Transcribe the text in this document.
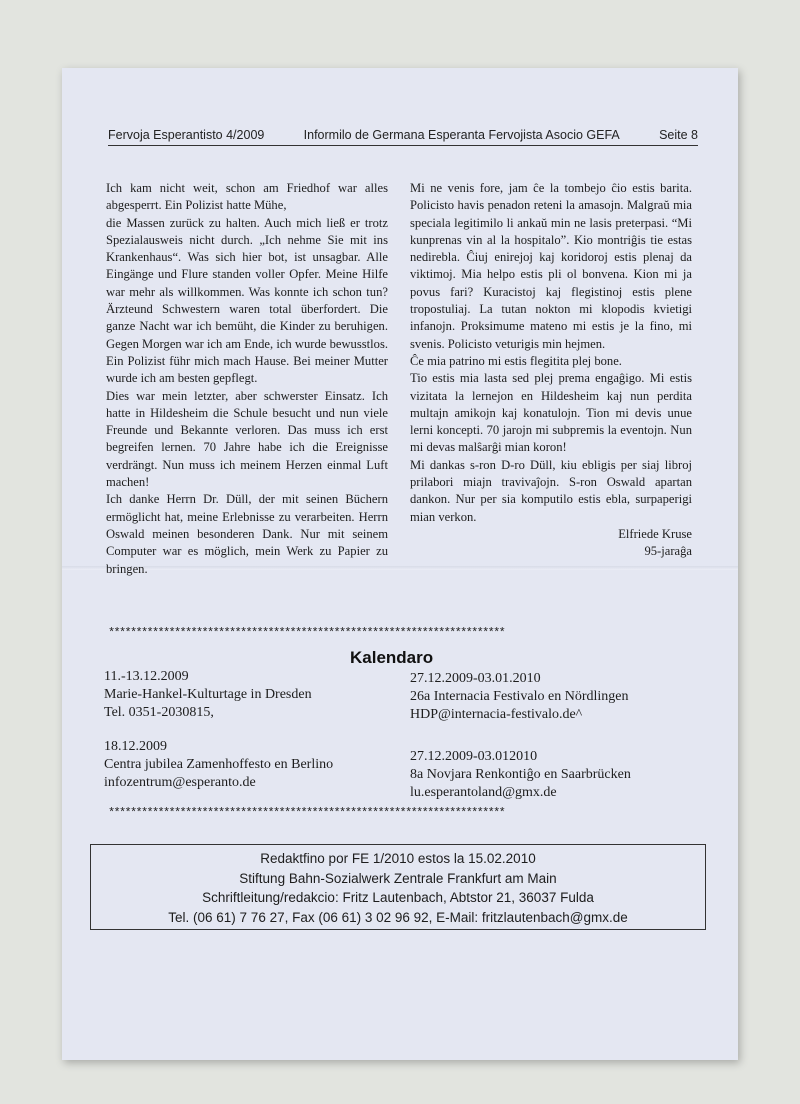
Fervoja Esperantisto 4/2009	Informilo de Germana Esperanta Fervojista Asocio GEFA	Seite 8

Ich kam nicht weit, schon am Friedhof war alles abgesperrt. Ein Polizist hatte Mühe,

die Massen zurück zu halten. Auch mich ließ er trotz Spezialausweis nicht durch. „Ich nehme Sie mit ins Krankenhaus“. Was sich hier bot, ist unsagbar. Alle Eingänge und Flure standen voller Opfer. Meine Hilfe war mehr als willkommen. Was konnte ich schon tun? Ärzteund Schwestern waren total überfordert. Die ganze Nacht war ich bemüht, die Kinder zu beruhigen. Gegen Morgen war ich am Ende, ich wurde bewusstlos. Ein Polizist führ mich mach Hause. Bei meiner Mutter wurde ich am besten gepflegt.

Dies war mein letzter, aber schwerster Einsatz. Ich hatte in Hildesheim die Schule besucht und nun viele Freunde und Bekannte verloren. Das muss ich erst begreifen lernen. 70 Jahre habe ich die Ereignisse verdrängt. Nun muss ich meinem Herzen einmal Luft machen!

Ich danke Herrn Dr. Düll, der mit seinen Büchern ermöglicht hat, meine Erlebnisse zu verarbeiten. Herrn Oswald meinen besonderen Dank. Nur mit seinem Computer war es möglich, mein Werk zu Papier zu bringen.

Mi ne venis fore, jam ĉe la tombejo ĉio estis barita. Policisto havis penadon reteni la amasojn. Malgraŭ mia speciala legitimilo li ankaŭ min ne lasis preterpasi. “Mi kunprenas vin al la hospitalo”. Kio montriĝis tie estas nedirebla. Ĉiuj enirejoj kaj koridoroj estis plenaj da viktimoj. Mia helpo estis pli ol bonvena. Kion mi ja povus fari? Kuracistoj kaj flegistinoj estis plene tropostuliaj. La tutan nokton mi klopodis kvietigi infanojn. Proksimume mateno mi estis je la fino, mi svenis. Policisto veturigis min hejmen.

Ĉe mia patrino mi estis flegitita plej bone.

Tio estis mia lasta sed plej prema engaĝigo. Mi estis vizitata la lernejon en Hildesheim kaj nun perdita multajn amikojn kaj konatulojn. Tion mi devis unue lerni koncepti. 70 jarojn mi subpremis la eventojn. Nun mi devas malŝarĝi mian koron!

Mi dankas s-ron D-ro Düll, kiu ebligis per siaj libroj prilabori miajn travivaĵojn. S-ron Oswald apartan dankon. Nur per sia komputilo estis ebla, surpaperigi mian verkon.

Elfriede Kruse

95-jaraĝa

************************************************************************
Kalendaro
11.-13.12.2009
Marie-Hankel-Kulturtage in Dresden
Tel. 0351-2030815,
27.12.2009-03.01.2010
26a Internacia Festivalo en Nördlingen
HDP@internacia-festivalo.de^
18.12.2009
Centra jubilea Zamenhoffesto en Berlino
infozentrum@esperanto.de
27.12.2009-03.012010
8a Novjara Renkontiĝo en Saarbrücken
lu.esperantoland@gmx.de
************************************************************************
Redaktfino por FE 1/2010 estos la 15.02.2010
Stiftung Bahn-Sozialwerk Zentrale Frankfurt am Main
Schriftleitung/redakcio: Fritz Lautenbach, Abtstor 21, 36037 Fulda
Tel. (06 61) 7 76 27, Fax (06 61) 3 02 96 92, E-Mail: fritzlautenbach@gmx.de
